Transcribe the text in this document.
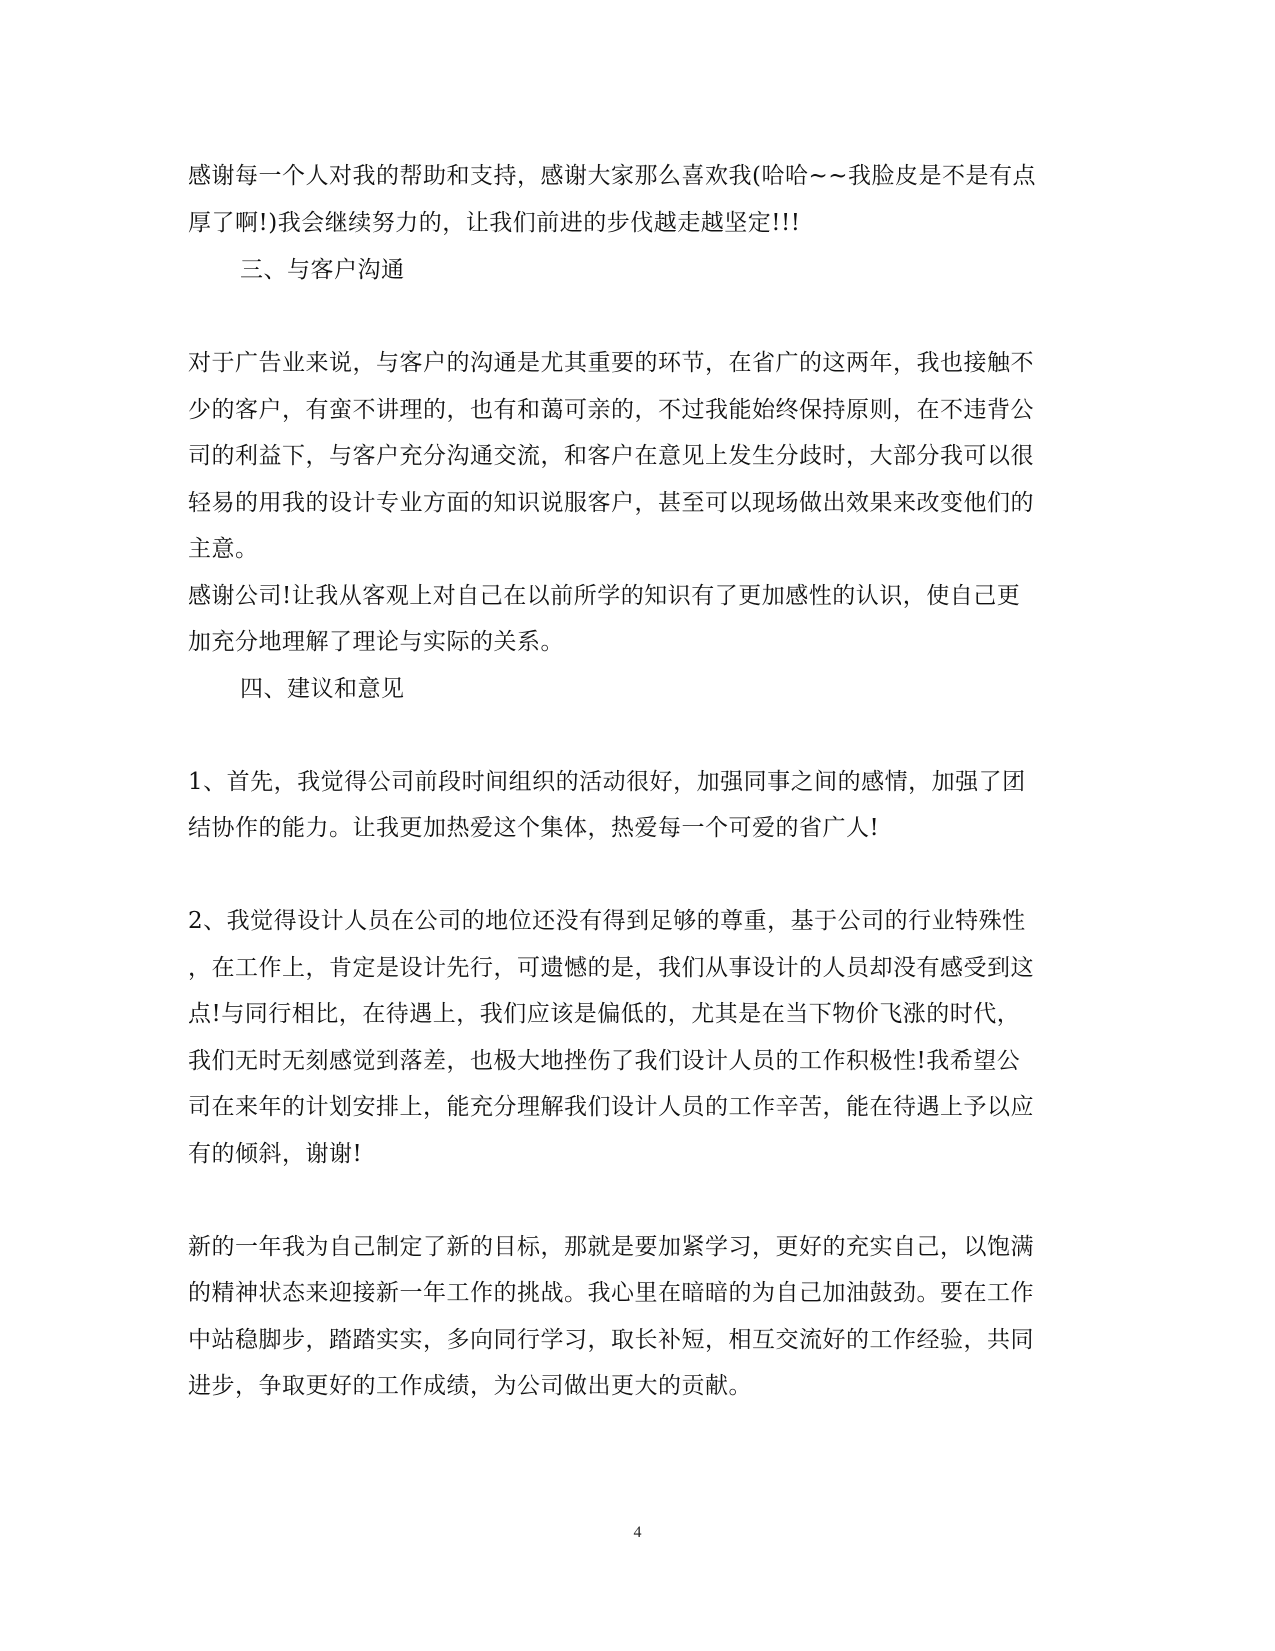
感谢每一个人对我的帮助和支持，感谢大家那么喜欢我(哈哈~~我脸皮是不是有点
厚了啊!)我会继续努力的，让我们前进的步伐越走越坚定!!!
三、与客户沟通
对于广告业来说，与客户的沟通是尤其重要的环节，在省广的这两年，我也接触不
少的客户，有蛮不讲理的，也有和蔼可亲的，不过我能始终保持原则，在不违背公
司的利益下，与客户充分沟通交流，和客户在意见上发生分歧时，大部分我可以很
轻易的用我的设计专业方面的知识说服客户，甚至可以现场做出效果来改变他们的
主意。
感谢公司!让我从客观上对自己在以前所学的知识有了更加感性的认识，使自己更
加充分地理解了理论与实际的关系。
四、建议和意见
1、首先，我觉得公司前段时间组织的活动很好，加强同事之间的感情，加强了团
结协作的能力。让我更加热爱这个集体，热爱每一个可爱的省广人!
2、我觉得设计人员在公司的地位还没有得到足够的尊重，基于公司的行业特殊性
，在工作上，肯定是设计先行，可遗憾的是，我们从事设计的人员却没有感受到这
点!与同行相比，在待遇上，我们应该是偏低的，尤其是在当下物价飞涨的时代，
我们无时无刻感觉到落差，也极大地挫伤了我们设计人员的工作积极性!我希望公
司在来年的计划安排上，能充分理解我们设计人员的工作辛苦，能在待遇上予以应
有的倾斜，谢谢!
新的一年我为自己制定了新的目标，那就是要加紧学习，更好的充实自己，以饱满
的精神状态来迎接新一年工作的挑战。我心里在暗暗的为自己加油鼓劲。要在工作
中站稳脚步，踏踏实实，多向同行学习，取长补短，相互交流好的工作经验，共同
进步，争取更好的工作成绩，为公司做出更大的贡献。
4
